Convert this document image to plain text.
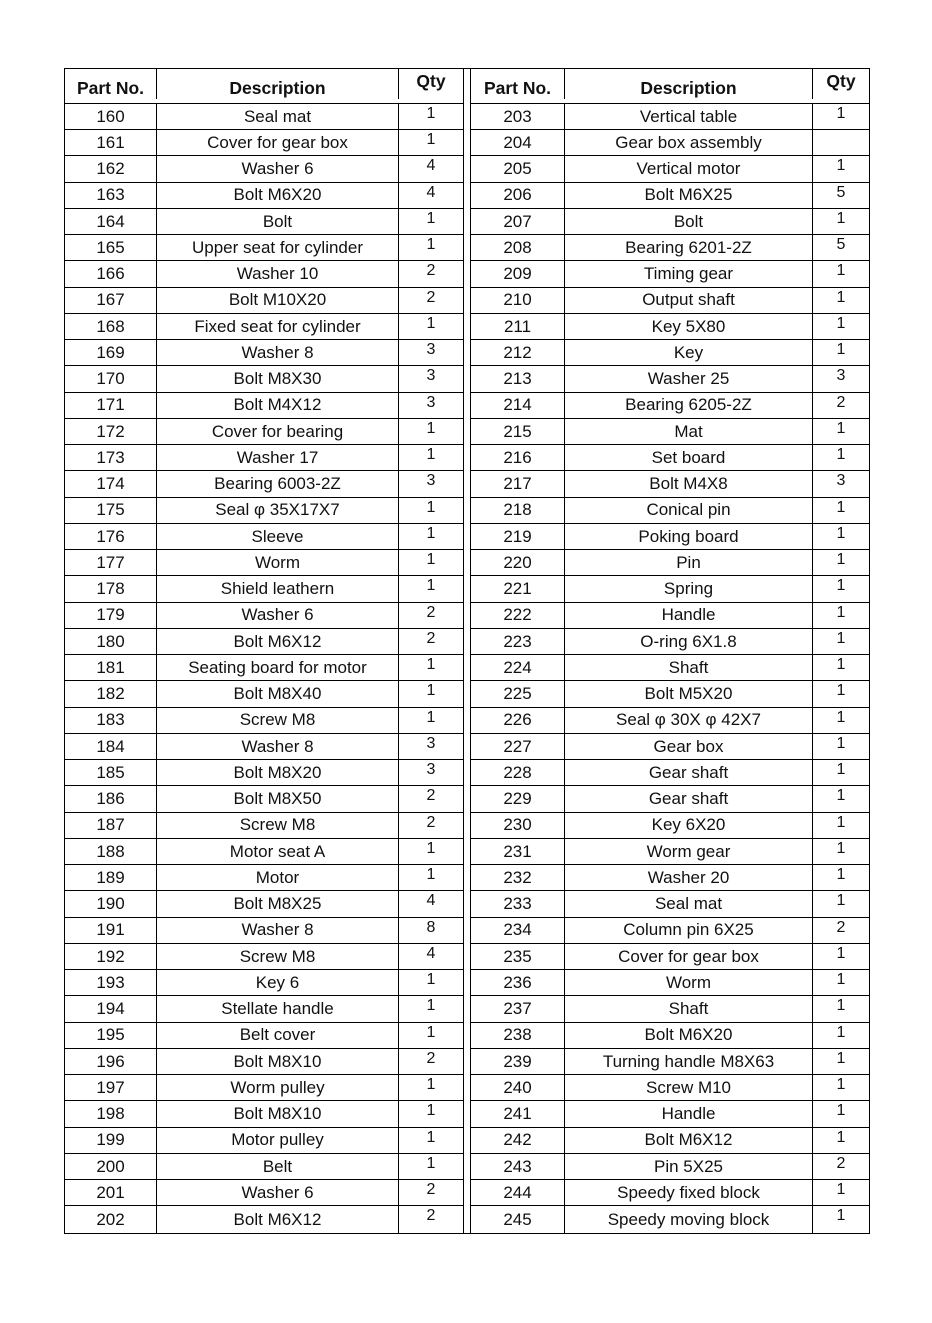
Part No.	Description	Qty
160	Seal mat	1
161	Cover for gear box	1
162	Washer 6	4
163	Bolt M6X20	4
164	Bolt	1
165	Upper seat for cylinder	1
166	Washer 10	2
167	Bolt M10X20	2
168	Fixed seat for cylinder	1
169	Washer 8	3
170	Bolt M8X30	3
171	Bolt M4X12	3
172	Cover for bearing	1
173	Washer 17	1
174	Bearing 6003-2Z	3
175	Seal φ 35X17X7	1
176	Sleeve	1
177	Worm	1
178	Shield leathern	1
179	Washer 6	2
180	Bolt M6X12	2
181	Seating board for motor	1
182	Bolt M8X40	1
183	Screw M8	1
184	Washer 8	3
185	Bolt M8X20	3
186	Bolt M8X50	2
187	Screw M8	2
188	Motor seat A	1
189	Motor	1
190	Bolt M8X25	4
191	Washer 8	8
192	Screw M8	4
193	Key 6	1
194	Stellate handle	1
195	Belt cover	1
196	Bolt M8X10	2
197	Worm pulley	1
198	Bolt M8X10	1
199	Motor pulley	1
200	Belt	1
201	Washer 6	2
202	Bolt M6X12	2
Part No.	Description	Qty
203	Vertical table	1
204	Gear box assembly
205	Vertical motor	1
206	Bolt M6X25	5
207	Bolt	1
208	Bearing 6201-2Z	5
209	Timing gear	1
210	Output shaft	1
211	Key 5X80	1
212	Key	1
213	Washer 25	3
214	Bearing 6205-2Z	2
215	Mat	1
216	Set board	1
217	Bolt M4X8	3
218	Conical pin	1
219	Poking board	1
220	Pin	1
221	Spring	1
222	Handle	1
223	O-ring 6X1.8	1
224	Shaft	1
225	Bolt M5X20	1
226	Seal φ 30X φ 42X7	1
227	Gear box	1
228	Gear shaft	1
229	Gear shaft	1
230	Key 6X20	1
231	Worm gear	1
232	Washer 20	1
233	Seal mat	1
234	Column pin 6X25	2
235	Cover for gear box	1
236	Worm	1
237	Shaft	1
238	Bolt M6X20	1
239	Turning handle M8X63	1
240	Screw M10	1
241	Handle	1
242	Bolt M6X12	1
243	Pin 5X25	2
244	Speedy fixed block	1
245	Speedy moving block	1
